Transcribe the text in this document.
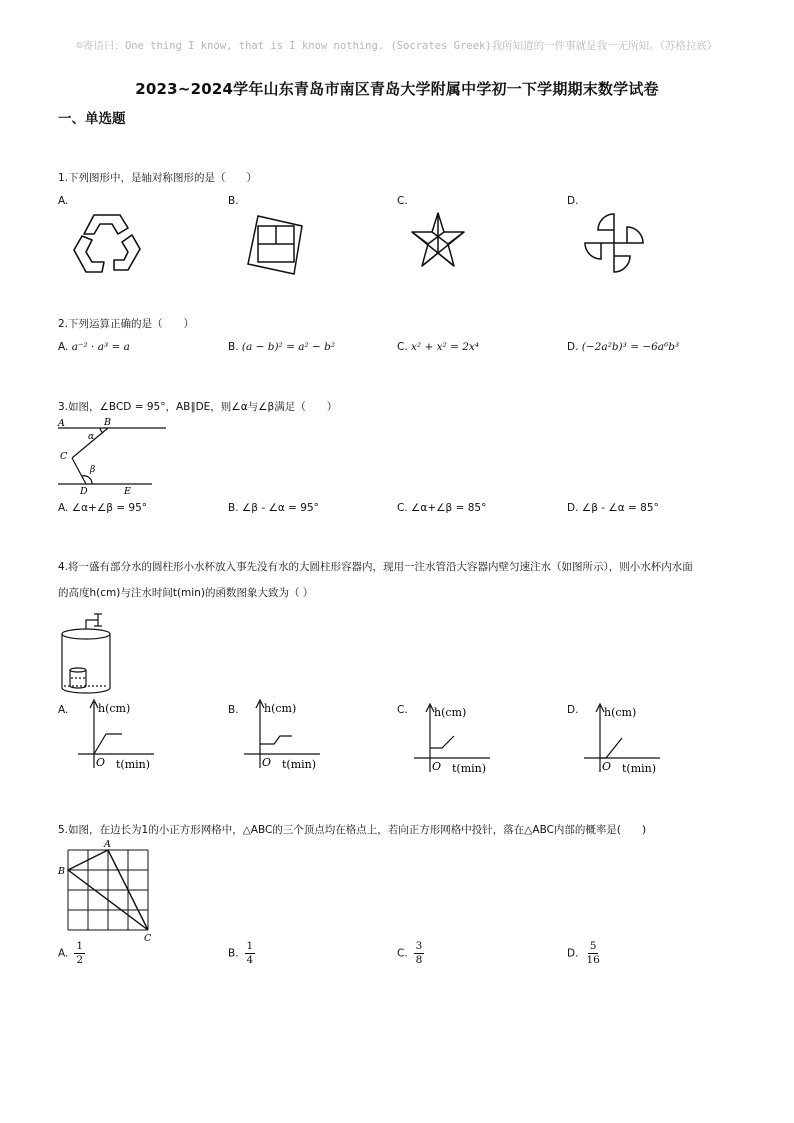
☺寄语曰：One thing I know, that is I know nothing. (Socrates Greek)我所知道的一件事就是我一无所知。（苏格拉底）
2023~2024学年山东青岛市南区青岛大学附属中学初一下学期期末数学试卷
一、单选题
1.下列图形中，是轴对称图形的是（　　）
A.	B.	C.	D.
2.下列运算正确的是（　　）
A. a⁻² · a³ = a	B. (a − b)² = a² − b²	C. x² + x² = 2x⁴	D. (−2a²b)³ = −6a⁶b³
3.如图，∠BCD = 95°，AB∥DE，则∠α与∠β满足（　　）
A	B
C
D	E
α
β
A. ∠α+∠β = 95°	B. ∠β - ∠α = 95°	C. ∠α+∠β = 85°	D. ∠β - ∠α = 85°
4.将一盛有部分水的圆柱形小水杯放入事先没有水的大圆柱形容器内，现用一注水管沿大容器内壁匀速注水（如图所示），则小水杯内水面
的高度h(cm)与注水时间t(min)的函数图象大致为（ ）
A.	B.	C.	D.
h(cm)
O t(min)
h(cm)
O t(min)
h(cm)
O t(min)
h(cm)
O t(min)
5.如图，在边长为1的小正方形网格中，△ABC的三个顶点均在格点上，若向正方形网格中投针，落在△ABC内部的概率是(　　)
A
B
C
A. $\frac{1}{2}$	B. $\frac{1}{4}$	C. $\frac{3}{8}$	D. $\frac{5}{16}$
